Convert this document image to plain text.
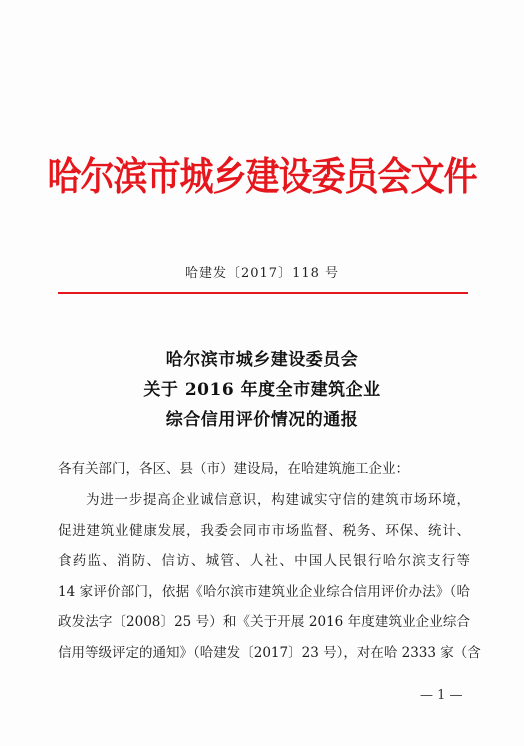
哈尔滨市城乡建设委员会文件
哈建发〔2017〕118 号
哈尔滨市城乡建设委员会
关于 2016 年度全市建筑企业
综合信用评价情况的通报
各有关部门，各区、县（市）建设局，在哈建筑施工企业：
为进一步提高企业诚信意识，构建诚实守信的建筑市场环境，
促进建筑业健康发展，我委会同市市场监督、税务、环保、统计、
食药监、消防、信访、城管、人社、中国人民银行哈尔滨支行等
14 家评价部门，依据《哈尔滨市建筑业企业综合信用评价办法》（哈
政发法字〔2008〕25 号）和《关于开展 2016 年度建筑业企业综合
信用等级评定的通知》（哈建发〔2017〕23 号），对在哈 2333 家（含
— 1 —
